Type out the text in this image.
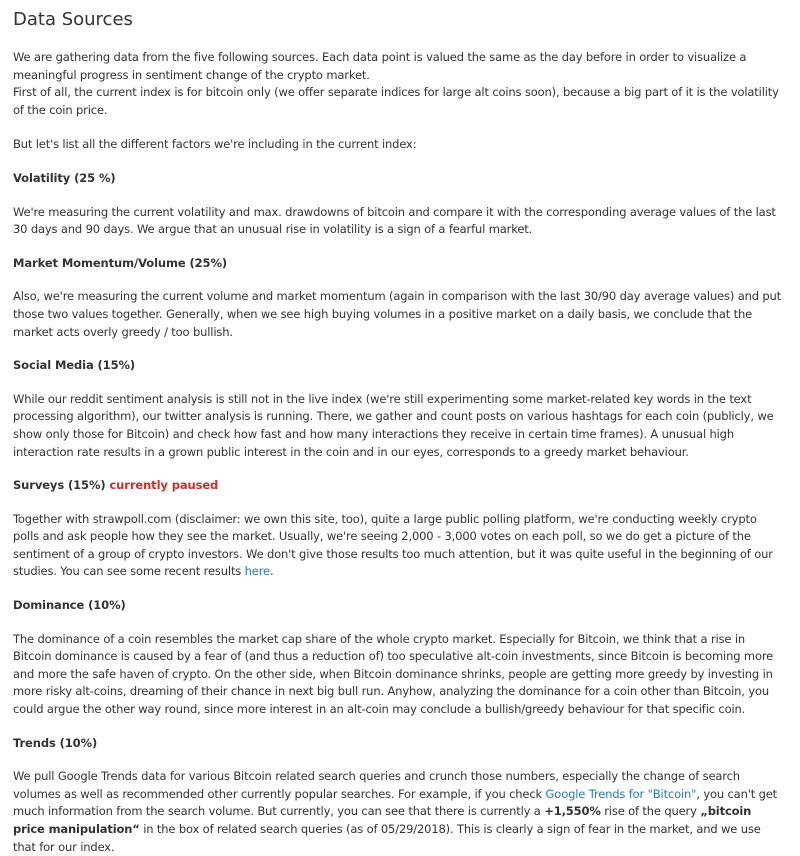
Data Sources

We are gathering data from the five following sources. Each data point is valued the same as the day before in order to visualize a meaningful progress in sentiment change of the crypto market.

First of all, the current index is for bitcoin only (we offer separate indices for large alt coins soon), because a big part of it is the volatility of the coin price.

But let's list all the different factors we're including in the current index:

Volatility (25 %)

We're measuring the current volatility and max. drawdowns of bitcoin and compare it with the corresponding average values of the last 30 days and 90 days. We argue that an unusual rise in volatility is a sign of a fearful market.

Market Momentum/Volume (25%)

Also, we're measuring the current volume and market momentum (again in comparison with the last 30/90 day average values) and put those two values together. Generally, when we see high buying volumes in a positive market on a daily basis, we conclude that the market acts overly greedy / too bullish.

Social Media (15%)

While our reddit sentiment analysis is still not in the live index (we're still experimenting some market-related key words in the text processing algorithm), our twitter analysis is running. There, we gather and count posts on various hashtags for each coin (publicly, we show only those for Bitcoin) and check how fast and how many interactions they receive in certain time frames). A unusual high interaction rate results in a grown public interest in the coin and in our eyes, corresponds to a greedy market behaviour.

Surveys (15%) currently paused

Together with strawpoll.com (disclaimer: we own this site, too), quite a large public polling platform, we're conducting weekly crypto polls and ask people how they see the market. Usually, we're seeing 2,000 - 3,000 votes on each poll, so we do get a picture of the sentiment of a group of crypto investors. We don't give those results too much attention, but it was quite useful in the beginning of our studies. You can see some recent results here.

Dominance (10%)

The dominance of a coin resembles the market cap share of the whole crypto market. Especially for Bitcoin, we think that a rise in Bitcoin dominance is caused by a fear of (and thus a reduction of) too speculative alt-coin investments, since Bitcoin is becoming more and more the safe haven of crypto. On the other side, when Bitcoin dominance shrinks, people are getting more greedy by investing in more risky alt-coins, dreaming of their chance in next big bull run. Anyhow, analyzing the dominance for a coin other than Bitcoin, you could argue the other way round, since more interest in an alt-coin may conclude a bullish/greedy behaviour for that specific coin.

Trends (10%)

We pull Google Trends data for various Bitcoin related search queries and crunch those numbers, especially the change of search volumes as well as recommended other currently popular searches. For example, if you check Google Trends for "Bitcoin", you can't get much information from the search volume. But currently, you can see that there is currently a +1,550% rise of the query „bitcoin price manipulation“ in the box of related search queries (as of 05/29/2018). This is clearly a sign of fear in the market, and we use that for our index.
